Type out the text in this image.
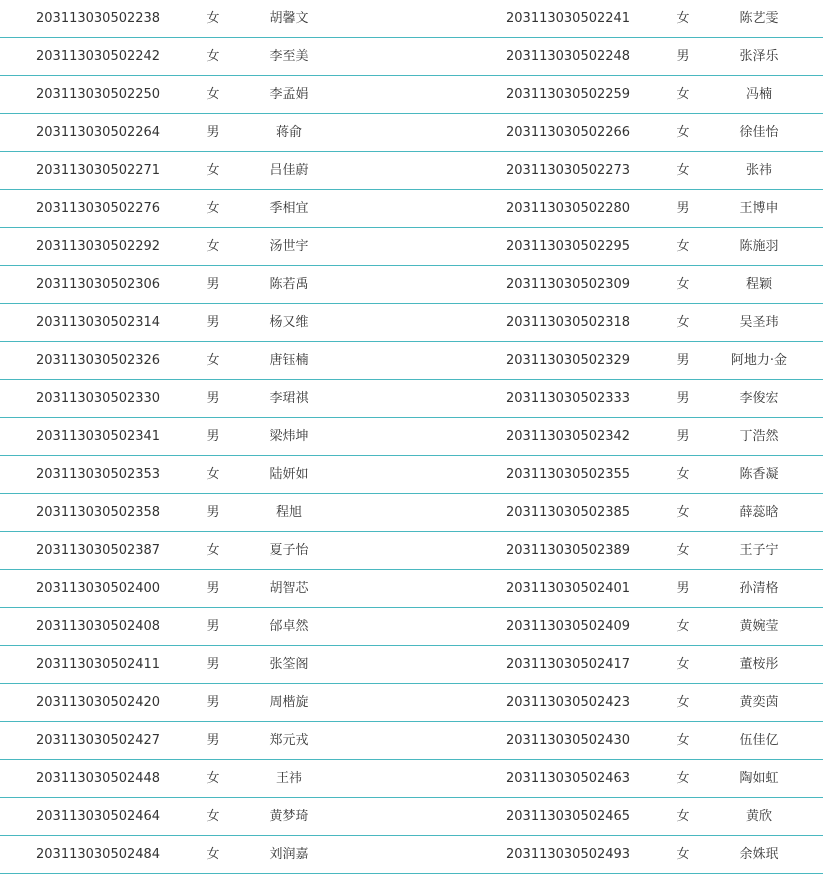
203113030502238	女	胡馨文	203113030502241	女	陈艺雯
203113030502242	女	李至美	203113030502248	男	张泽乐
203113030502250	女	李孟娟	203113030502259	女	冯楠
203113030502264	男	蒋俞	203113030502266	女	徐佳怡
203113030502271	女	吕佳蔚	203113030502273	女	张祎
203113030502276	女	季相宜	203113030502280	男	王博申
203113030502292	女	汤世宇	203113030502295	女	陈施羽
203113030502306	男	陈若禹	203113030502309	女	程颖
203113030502314	男	杨又维	203113030502318	女	吴圣玮
203113030502326	女	唐钰楠	203113030502329	男	阿地力·金
203113030502330	男	李珺祺	203113030502333	男	李俊宏
203113030502341	男	梁炜坤	203113030502342	男	丁浩然
203113030502353	女	陆妍如	203113030502355	女	陈香凝
203113030502358	男	程旭	203113030502385	女	薛蕊晗
203113030502387	女	夏子怡	203113030502389	女	王子宁
203113030502400	男	胡智芯	203113030502401	男	孙清格
203113030502408	男	邰卓然	203113030502409	女	黄婉莹
203113030502411	男	张筌阁	203113030502417	女	董桉彤
203113030502420	男	周楷旋	203113030502423	女	黄奕茵
203113030502427	男	郑元戎	203113030502430	女	伍佳亿
203113030502448	女	王祎	203113030502463	女	陶如虹
203113030502464	女	黄梦琦	203113030502465	女	黄欣
203113030502484	女	刘润嘉	203113030502493	女	余姝珉
